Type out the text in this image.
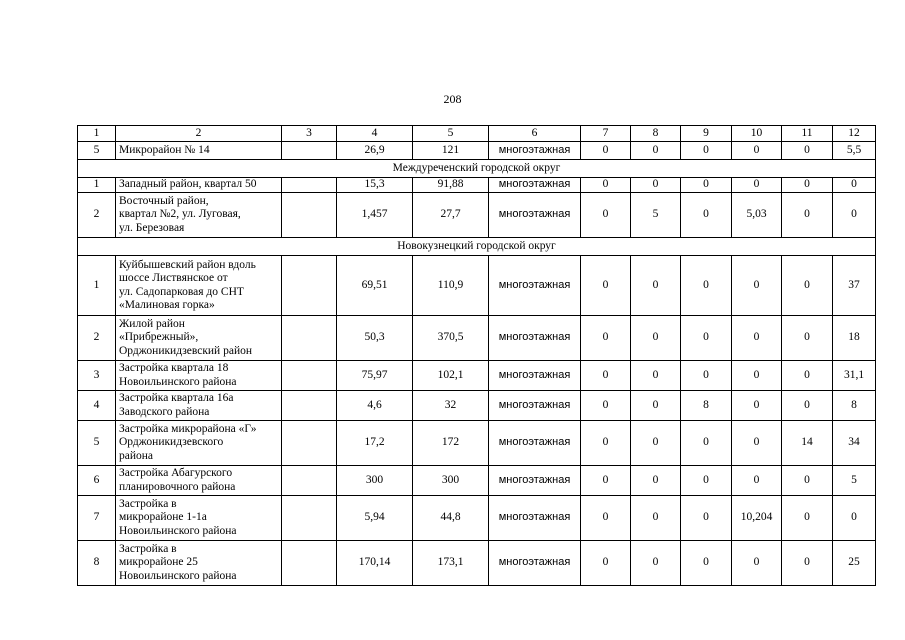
208
1	2	3	4	5	6	7	8	9	10	11	12
5	Микрорайон № 14		26,9	121	многоэтажная	0	0	0	0	0	5,5
Междуреченский городской округ											
1	Западный район, квартал 50		15,3	91,88	многоэтажная	0	0	0	0	0	0
2	Восточный район,
квартал №2, ул. Луговая,
ул. Березовая		1,457	27,7	многоэтажная	0	5	0	5,03	0	0
Новокузнецкий городской округ											
1	Куйбышевский район вдоль
шоссе Листвянское от
ул. Садопарковая до СНТ
«Малиновая горка»		69,51	110,9	многоэтажная	0	0	0	0	0	37
2	Жилой район
«Прибрежный»,
Орджоникидзевский район		50,3	370,5	многоэтажная	0	0	0	0	0	18
3	Застройка квартала 18
Новоильинского района		75,97	102,1	многоэтажная	0	0	0	0	0	31,1
4	Застройка квартала 16а
Заводского района		4,6	32	многоэтажная	0	0	8	0	0	8
5	Застройка микрорайона «Г»
Орджоникидзевского
района		17,2	172	многоэтажная	0	0	0	0	14	34
6	Застройка Абагурского
планировочного района		300	300	многоэтажная	0	0	0	0	0	5
7	Застройка в
микрорайоне 1-1а
Новоильинского района		5,94	44,8	многоэтажная	0	0	0	10,204	0	0
8	Застройка в
микрорайоне 25
Новоильинского района		170,14	173,1	многоэтажная	0	0	0	0	0	25
